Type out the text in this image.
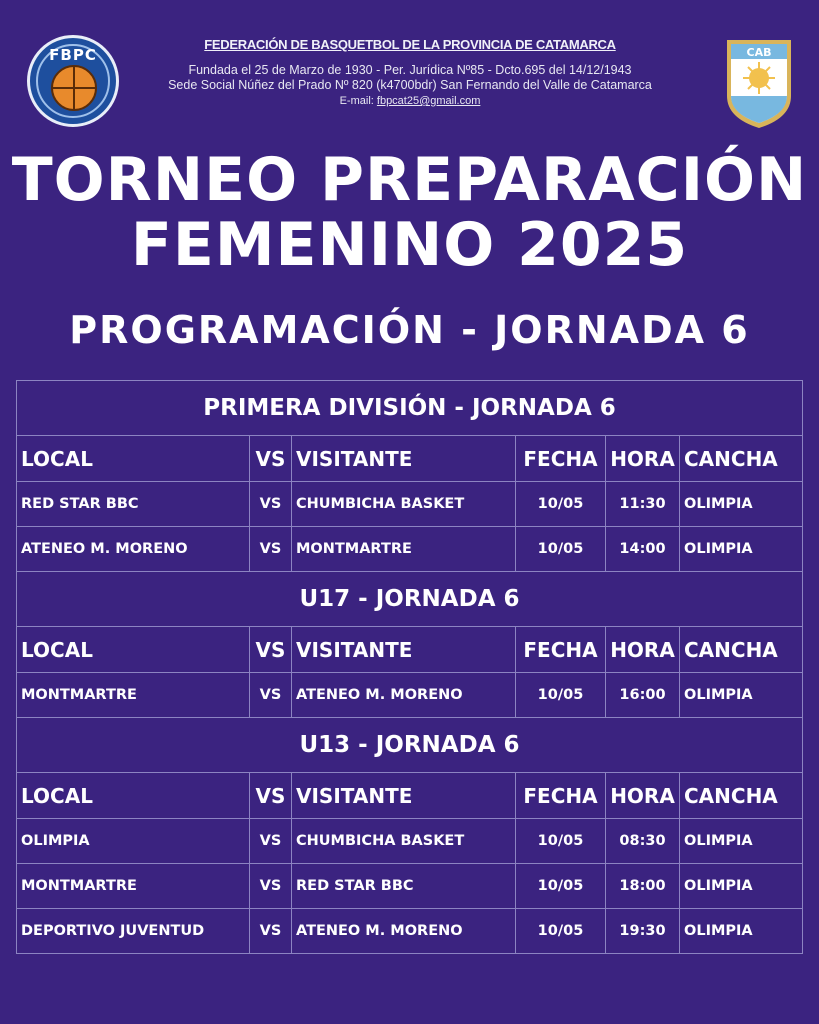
FBPC
FEDERACIÓN DE BASQUETBOL DE LA PROVINCIA DE CATAMARCA
Fundada el 25 de Marzo de 1930 - Per. Jurídica Nº85 - Dcto.695 del 14/12/1943
Sede Social Núñez del Prado Nº 820 (k4700bdr) San Fernando del Valle de Catamarca
E-mail: fbpcat25@gmail.com
CAB
TORNEO PREPARACIÓN
FEMENINO 2025
PROGRAMACIÓN - JORNADA 6
PRIMERA DIVISIÓN - JORNADA 6					
LOCAL	VS	VISITANTE	FECHA	HORA	CANCHA
RED STAR BBC	VS	CHUMBICHA BASKET	10/05	11:30	OLIMPIA
ATENEO M. MORENO	VS	MONTMARTRE	10/05	14:00	OLIMPIA
U17 - JORNADA 6					
LOCAL	VS	VISITANTE	FECHA	HORA	CANCHA
MONTMARTRE	VS	ATENEO M. MORENO	10/05	16:00	OLIMPIA
U13 - JORNADA 6					
LOCAL	VS	VISITANTE	FECHA	HORA	CANCHA
OLIMPIA	VS	CHUMBICHA BASKET	10/05	08:30	OLIMPIA
MONTMARTRE	VS	RED STAR BBC	10/05	18:00	OLIMPIA
DEPORTIVO JUVENTUD	VS	ATENEO M. MORENO	10/05	19:30	OLIMPIA
